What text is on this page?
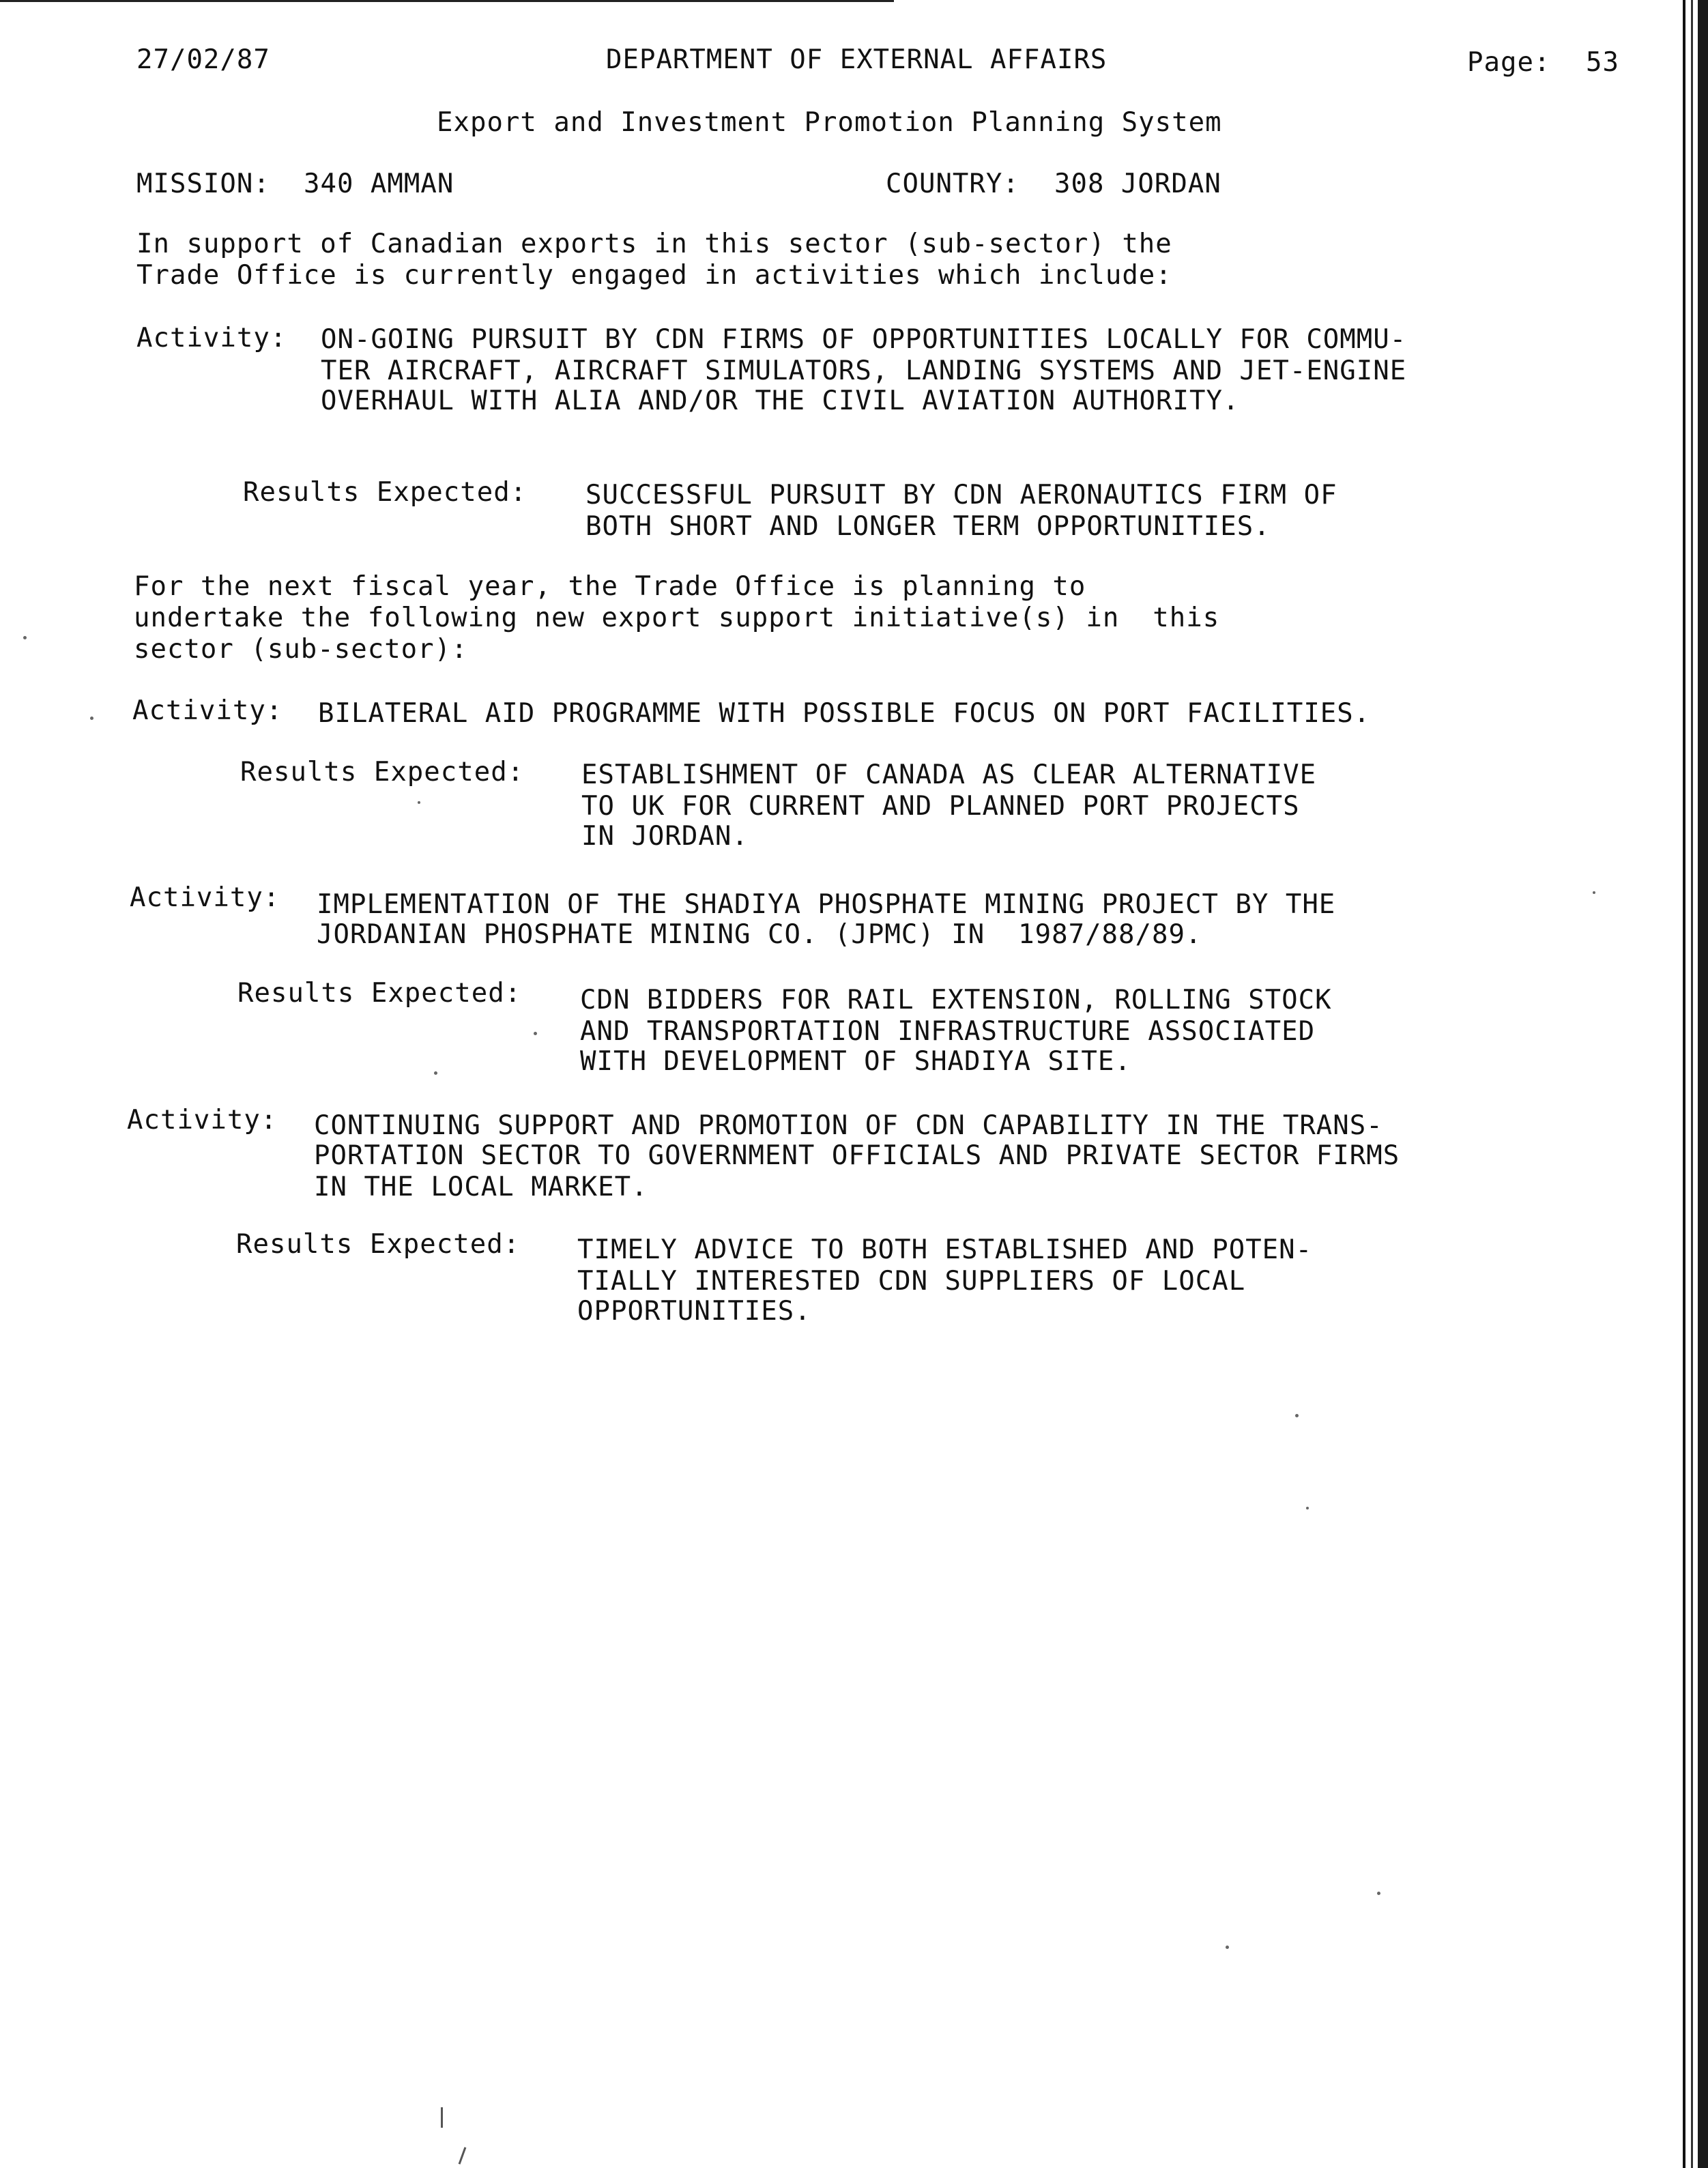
27/02/87	DEPARTMENT OF EXTERNAL AFFAIRS	Page: 53
Export and Investment Promotion Planning System
MISSION: 340 AMMAN	COUNTRY: 308 JORDAN
In support of Canadian exports in this sector (sub-sector) the
Trade Office is currently engaged in activities which include:
Activity: ON-GOING PURSUIT BY CDN FIRMS OF OPPORTUNITIES LOCALLY FOR COMMU-
TER AIRCRAFT, AIRCRAFT SIMULATORS, LANDING SYSTEMS AND JET-ENGINE
OVERHAUL WITH ALIA AND/OR THE CIVIL AVIATION AUTHORITY.
Results Expected: SUCCESSFUL PURSUIT BY CDN AERONAUTICS FIRM OF
BOTH SHORT AND LONGER TERM OPPORTUNITIES.
For the next fiscal year, the Trade Office is planning to
undertake the following new export support initiative(s) in  this
sector (sub-sector):
Activity: BILATERAL AID PROGRAMME WITH POSSIBLE FOCUS ON PORT FACILITIES.
Results Expected: ESTABLISHMENT OF CANADA AS CLEAR ALTERNATIVE
TO UK FOR CURRENT AND PLANNED PORT PROJECTS
IN JORDAN.
Activity: IMPLEMENTATION OF THE SHADIYA PHOSPHATE MINING PROJECT BY THE
JORDANIAN PHOSPHATE MINING CO. (JPMC) IN  1987/88/89.
Results Expected: CDN BIDDERS FOR RAIL EXTENSION, ROLLING STOCK
AND TRANSPORTATION INFRASTRUCTURE ASSOCIATED
WITH DEVELOPMENT OF SHADIYA SITE.
Activity: CONTINUING SUPPORT AND PROMOTION OF CDN CAPABILITY IN THE TRANS-
PORTATION SECTOR TO GOVERNMENT OFFICIALS AND PRIVATE SECTOR FIRMS
IN THE LOCAL MARKET.
Results Expected: TIMELY ADVICE TO BOTH ESTABLISHED AND POTEN-
TIALLY INTERESTED CDN SUPPLIERS OF LOCAL
OPPORTUNITIES.
